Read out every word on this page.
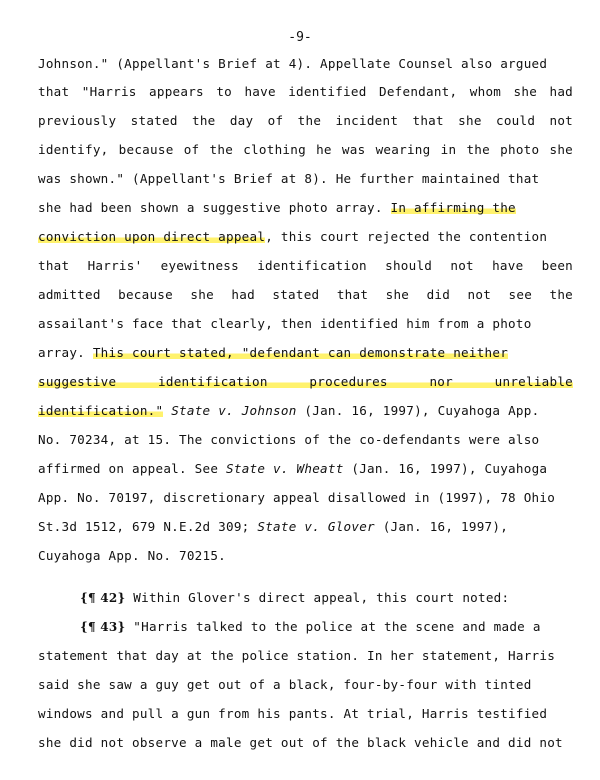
-9-
Johnson." (Appellant's Brief at 4). Appellate Counsel also argued
that "Harris appears to have identified Defendant, whom she had
previously stated the day of the incident that she could not
identify, because of the clothing he was wearing in the photo she
was shown." (Appellant's Brief at 8). He further maintained that
she had been shown a suggestive photo array. In affirming the
conviction upon direct appeal, this court rejected the contention
that Harris' eyewitness identification should not have been
admitted because she had stated that she did not see the
assailant's face that clearly, then identified him from a photo
array. This court stated, "defendant can demonstrate neither
suggestive identification procedures nor unreliable
identification." State v. Johnson (Jan. 16, 1997), Cuyahoga App.
No. 70234, at 15. The convictions of the co-defendants were also
affirmed on appeal. See State v. Wheatt (Jan. 16, 1997), Cuyahoga
App. No. 70197, discretionary appeal disallowed in (1997), 78 Ohio
St.3d 1512, 679 N.E.2d 309; State v. Glover (Jan. 16, 1997),
Cuyahoga App. No. 70215.
{¶ 42} Within Glover's direct appeal, this court noted:
{¶ 43} "Harris talked to the police at the scene and made a
statement that day at the police station. In her statement, Harris
said she saw a guy get out of a black, four-by-four with tinted
windows and pull a gun from his pants. At trial, Harris testified
she did not observe a male get out of the black vehicle and did not
